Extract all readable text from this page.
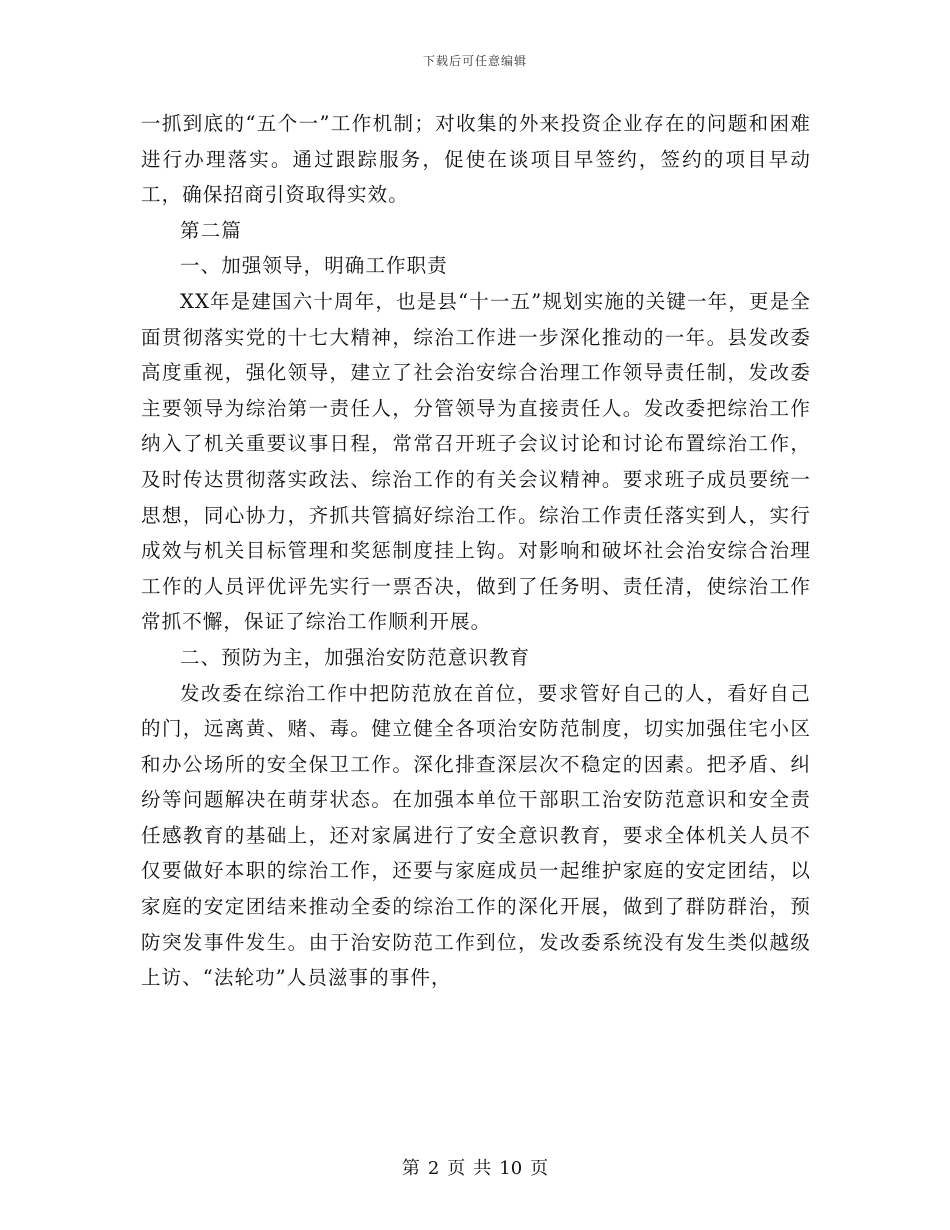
下载后可任意编辑

一抓到底的“五个一”工作机制；对收集的外来投资企业存在的问题和困难进行办理落实。通过跟踪服务，促使在谈项目早签约，签约的项目早动工，确保招商引资取得实效。

第二篇

一、加强领导，明确工作职责

XX年是建国六十周年，也是县“十一五”规划实施的关键一年，更是全面贯彻落实党的十七大精神，综治工作进一步深化推动的一年。县发改委高度重视，强化领导，建立了社会治安综合治理工作领导责任制，发改委主要领导为综治第一责任人，分管领导为直接责任人。发改委把综治工作纳入了机关重要议事日程，常常召开班子会议讨论和讨论布置综治工作，及时传达贯彻落实政法、综治工作的有关会议精神。要求班子成员要统一思想，同心协力，齐抓共管搞好综治工作。综治工作责任落实到人，实行成效与机关目标管理和奖惩制度挂上钩。对影响和破坏社会治安综合治理工作的人员评优评先实行一票否决，做到了任务明、责任清，使综治工作常抓不懈，保证了综治工作顺利开展。

二、预防为主，加强治安防范意识教育

发改委在综治工作中把防范放在首位，要求管好自己的人，看好自己的门，远离黄、赌、毒。健立健全各项治安防范制度，切实加强住宅小区和办公场所的安全保卫工作。深化排查深层次不稳定的因素。把矛盾、纠纷等问题解决在萌芽状态。在加强本单位干部职工治安防范意识和安全责任感教育的基础上，还对家属进行了安全意识教育，要求全体机关人员不仅要做好本职的综治工作，还要与家庭成员一起维护家庭的安定团结，以家庭的安定团结来推动全委的综治工作的深化开展，做到了群防群治，预防突发事件发生。由于治安防范工作到位，发改委系统没有发生类似越级上访、“法轮功”人员滋事的事件，

第 2 页 共 10 页
